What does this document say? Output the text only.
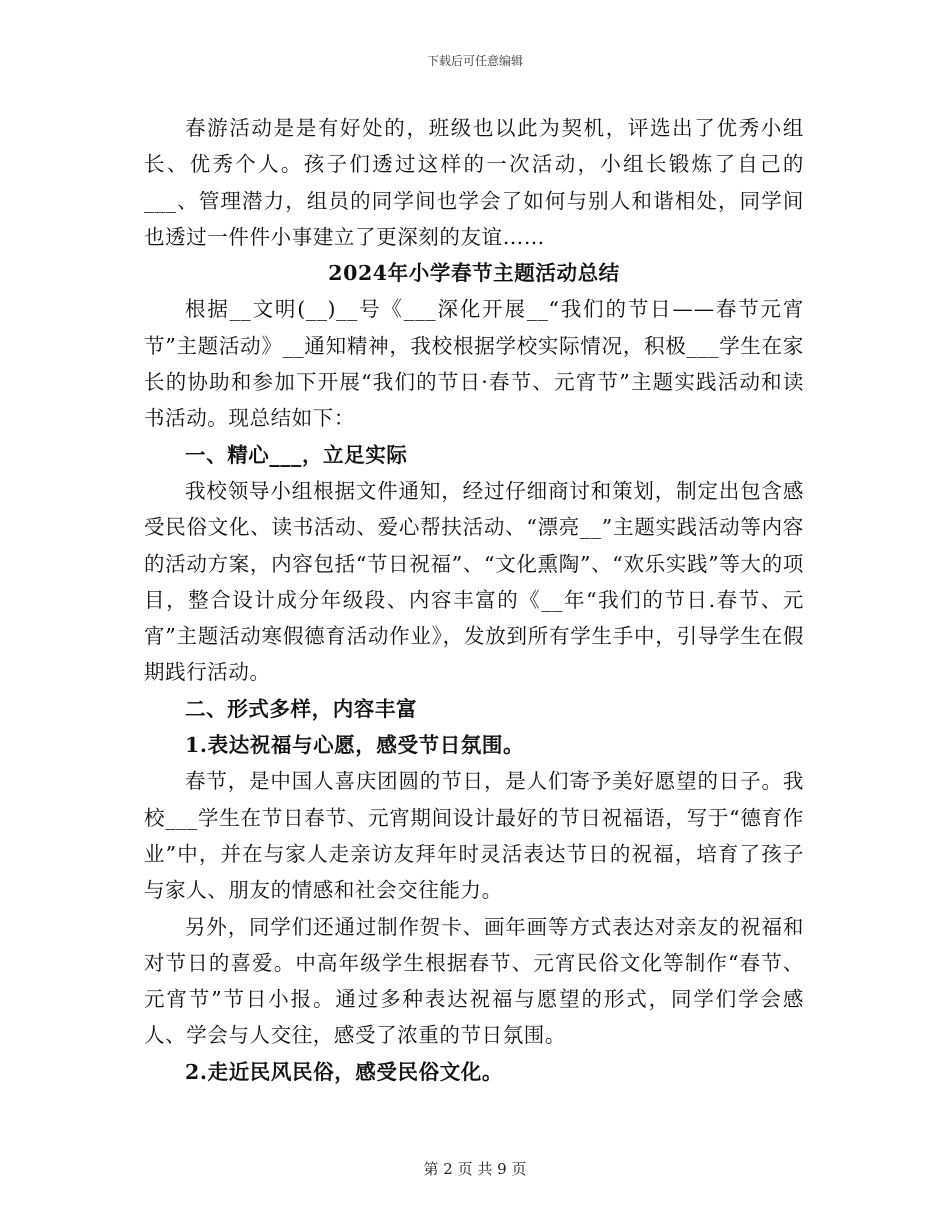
下载后可任意编辑

春游活动是是有好处的，班级也以此为契机，评选出了优秀小组长、优秀个人。孩子们透过这样的一次活动，小组长锻炼了自己的___、管理潜力，组员的同学间也学会了如何与别人和谐相处，同学间也透过一件件小事建立了更深刻的友谊……

2024年小学春节主题活动总结

根据__文明(__)__号《___深化开展__“我们的节日——春节元宵节”主题活动》__通知精神，我校根据学校实际情况，积极___学生在家长的协助和参加下开展“我们的节日·春节、元宵节”主题实践活动和读书活动。现总结如下：

一、精心___，立足实际

我校领导小组根据文件通知，经过仔细商讨和策划，制定出包含感受民俗文化、读书活动、爱心帮扶活动、“漂亮__”主题实践活动等内容的活动方案，内容包括“节日祝福”、“文化熏陶”、“欢乐实践”等大的项目，整合设计成分年级段、内容丰富的《__年“我们的节日.春节、元宵”主题活动寒假德育活动作业》，发放到所有学生手中，引导学生在假期践行活动。

二、形式多样，内容丰富

1.表达祝福与心愿，感受节日氛围。

春节，是中国人喜庆团圆的节日，是人们寄予美好愿望的日子。我校___学生在节日春节、元宵期间设计最好的节日祝福语，写于“德育作业”中，并在与家人走亲访友拜年时灵活表达节日的祝福，培育了孩子与家人、朋友的情感和社会交往能力。

另外，同学们还通过制作贺卡、画年画等方式表达对亲友的祝福和对节日的喜爱。中高年级学生根据春节、元宵民俗文化等制作“春节、元宵节”节日小报。通过多种表达祝福与愿望的形式，同学们学会感人、学会与人交往，感受了浓重的节日氛围。

2.走近民风民俗，感受民俗文化。

第 2 页 共 9 页
